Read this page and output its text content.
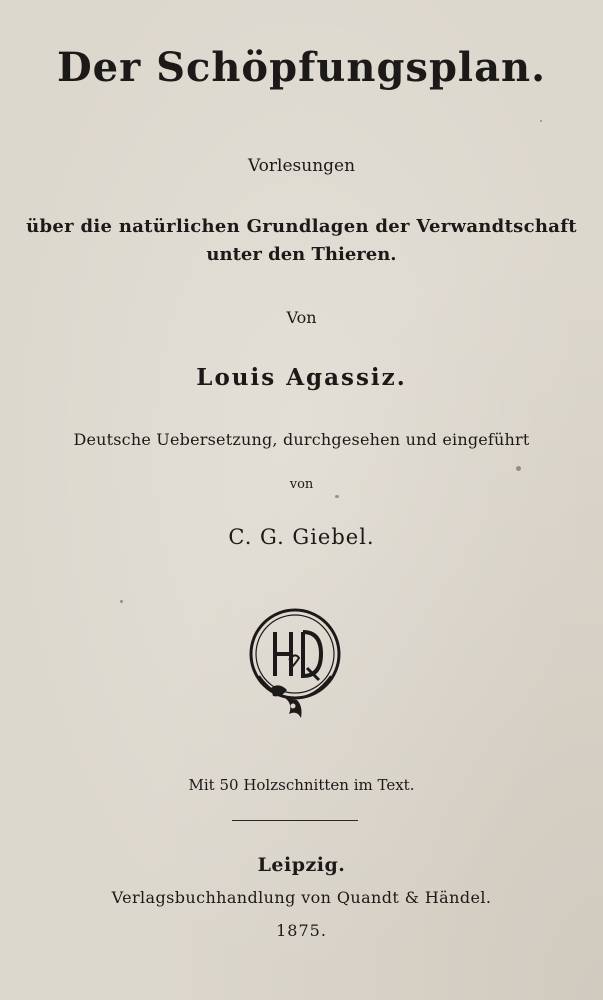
Der Schöpfungsplan.
Vorlesungen
über die natürlichen Grundlagen der Verwandtschaft
unter den Thieren.
Von
Louis Agassiz.
Deutsche Uebersetzung, durchgesehen und eingeführt
von
C. G. Giebel.
Mit 50 Holzschnitten im Text.
Leipzig.
Verlagsbuchhandlung von Quandt & Händel.
1875.
